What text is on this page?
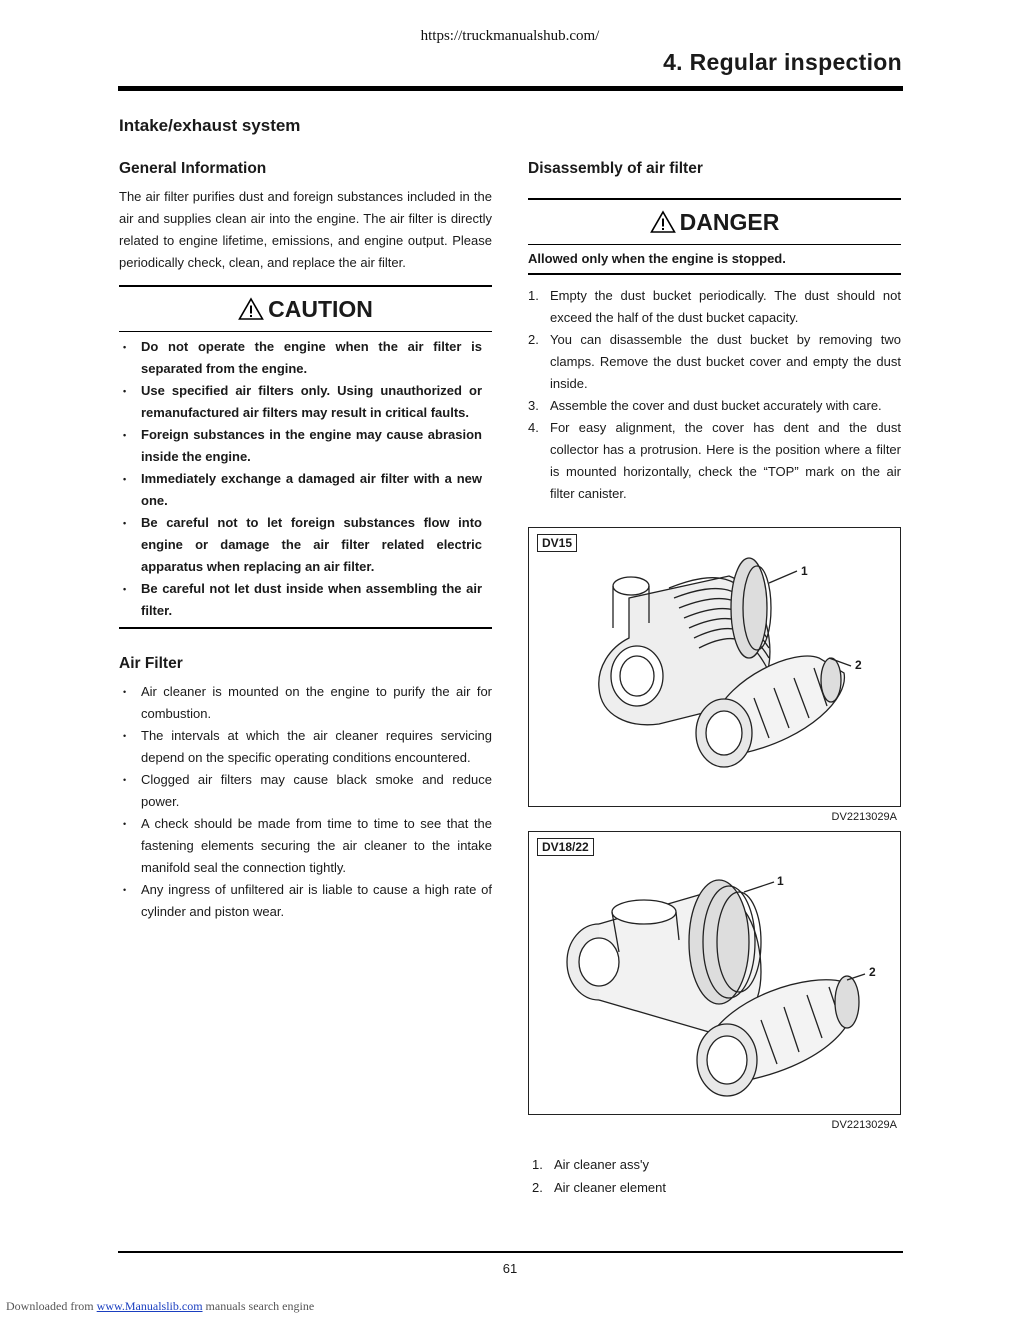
https://truckmanualshub.com/
4. Regular inspection
Intake/exhaust system
General Information

The air filter purifies dust and foreign substances included in the air and supplies clean air into the engine. The air filter is directly related to engine lifetime, emissions, and engine output. Please periodically check, clean, and replace the air filter.

CAUTION
• Do not operate the engine when the air filter is separated from the engine.
• Use specified air filters only. Using unauthorized or remanufactured air filters may result in critical faults.
• Foreign substances in the engine may cause abrasion inside the engine.
• Immediately exchange a damaged air filter with a new one.
• Be careful not to let foreign substances flow into engine or damage the air filter related electric apparatus when replacing an air filter.
• Be careful not let dust inside when assembling the air filter.
Air Filter
• Air cleaner is mounted on the engine to purify the air for combustion.
• The intervals at which the air cleaner requires servicing depend on the specific operating conditions encountered.
• Clogged air filters may cause black smoke and reduce power.
• A check should be made from time to time to see that the fastening elements securing the air cleaner to the intake manifold seal the connection tightly.
• Any ingress of unfiltered air is liable to cause a high rate of cylinder and piston wear.
Disassembly of air filter
DANGER
Allowed only when the engine is stopped.
1. Empty the dust bucket periodically. The dust should not exceed the half of the dust bucket capacity.
2. You can disassemble the dust bucket by removing two clamps. Remove the dust bucket cover and empty the dust inside.
3. Assemble the cover and dust bucket accurately with care.
4. For easy alignment, the cover has dent and the dust collector has a protrusion. Here is the position where a filter is mounted horizontally, check the “TOP” mark on the air filter canister.
DV15
1
2
DV2213029A
DV18/22
1
2
DV2213029A
1. Air cleaner ass'y
2. Air cleaner element
61
Downloaded from www.Manualslib.com manuals search engine
